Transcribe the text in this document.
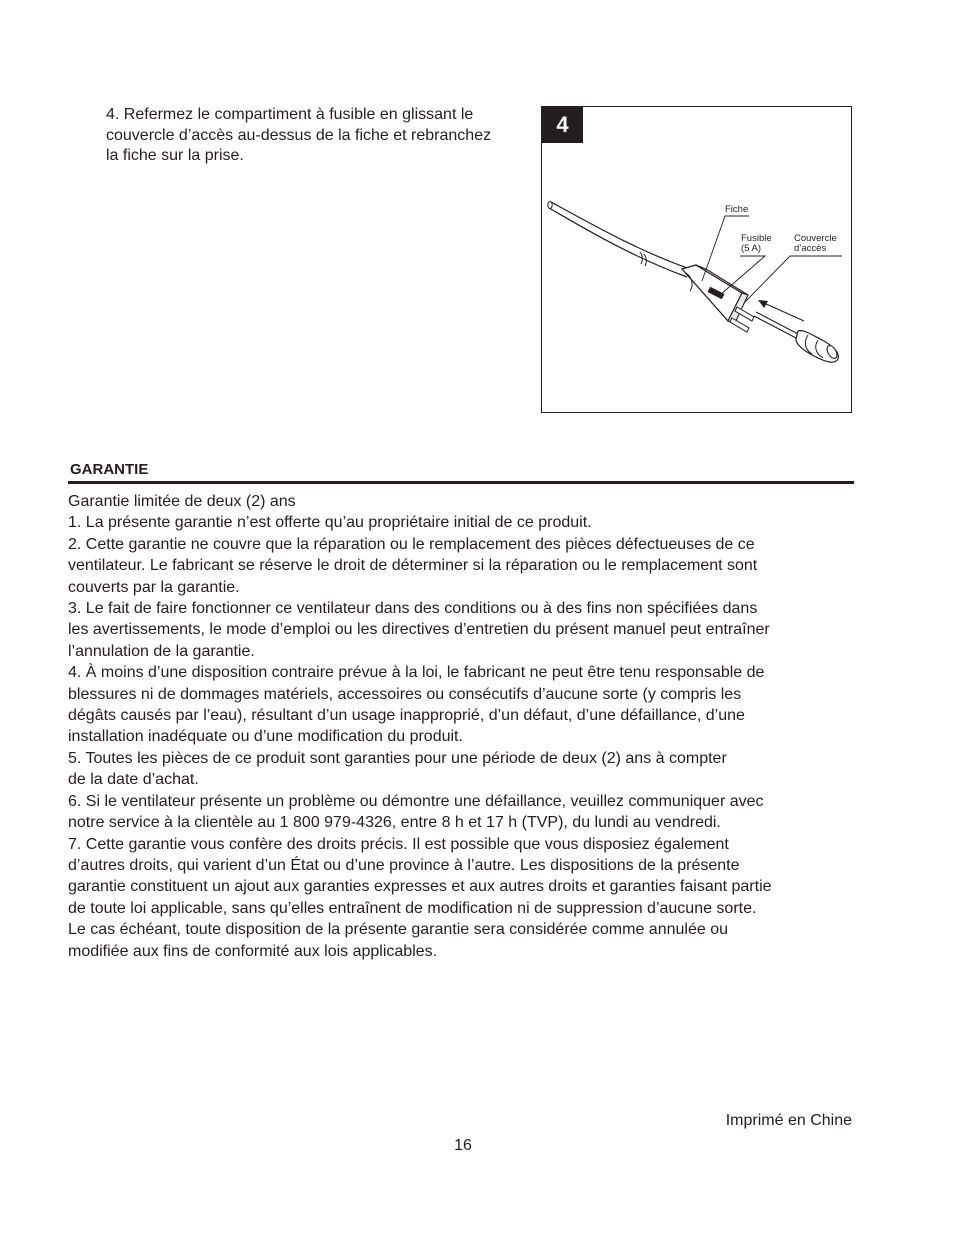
4. Refermez le compartiment à fusible en glissant le
couvercle d’accès au-dessus de la fiche et rebranchez
la fiche sur la prise.
4
Fiche
Fusible
(5 A)
Couvercle
d’accès
GARANTIE

Garantie limitée de deux (2) ans

1. La présente garantie n’est offerte qu’au propriétaire initial de ce produit.

2. Cette garantie ne couvre que la réparation ou le remplacement des pièces défectueuses de ce

ventilateur. Le fabricant se réserve le droit de déterminer si la réparation ou le remplacement sont

couverts par la garantie.

3. Le fait de faire fonctionner ce ventilateur dans des conditions ou à des fins non spécifiées dans

les avertissements, le mode d’emploi ou les directives d’entretien du présent manuel peut entraîner

l’annulation de la garantie.

4. À moins d’une disposition contraire prévue à la loi, le fabricant ne peut être tenu responsable de

blessures ni de dommages matériels, accessoires ou consécutifs d’aucune sorte (y compris les

dégâts causés par l’eau), résultant d’un usage inapproprié, d’un défaut, d’une défaillance, d’une

installation inadéquate ou d’une modification du produit.

5. Toutes les pièces de ce produit sont garanties pour une période de deux (2) ans à compter

de la date d’achat.

6. Si le ventilateur présente un problème ou démontre une défaillance, veuillez communiquer avec

notre service à la clientèle au 1 800 979-4326, entre 8 h et 17 h (TVP), du lundi au vendredi.

7. Cette garantie vous confère des droits précis. Il est possible que vous disposiez également

d’autres droits, qui varient d’un État ou d’une province à l’autre. Les dispositions de la présente

garantie constituent un ajout aux garanties expresses et aux autres droits et garanties faisant partie

de toute loi applicable, sans qu’elles entraînent de modification ni de suppression d’aucune sorte.

Le cas échéant, toute disposition de la présente garantie sera considérée comme annulée ou

modifiée aux fins de conformité aux lois applicables.

Imprimé en Chine
16
